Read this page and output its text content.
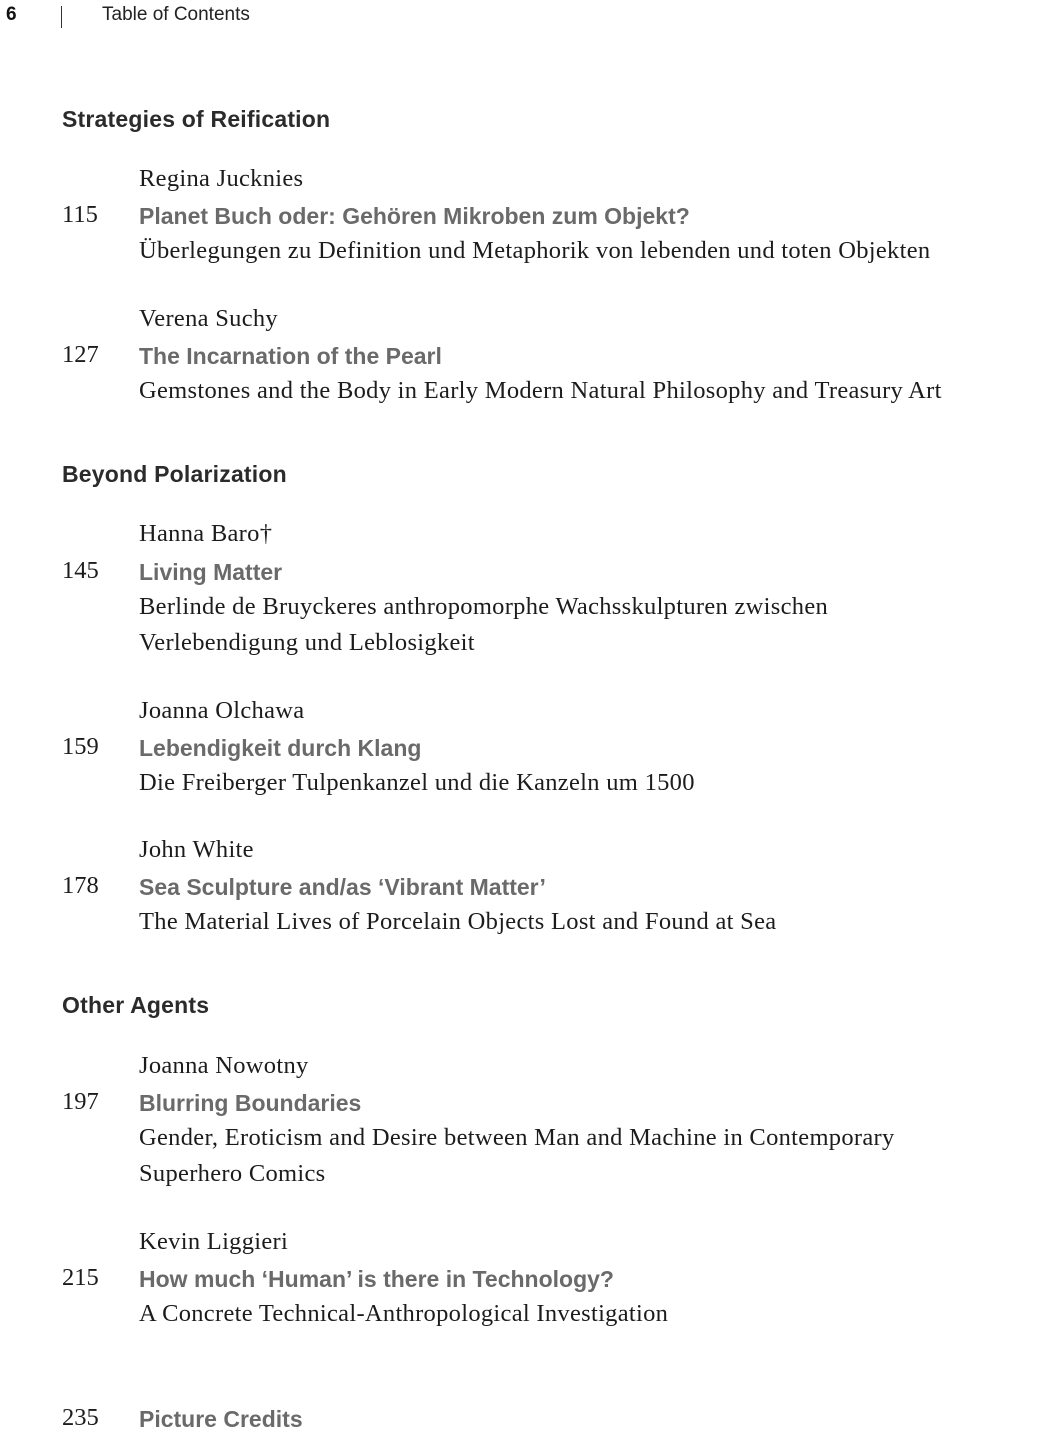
6	Table of Contents
Strategies of Reification
Regina Jucknies
115 Planet Buch oder: Gehören Mikroben zum Objekt?
Überlegungen zu Definition und Metaphorik von lebenden und toten Objekten
Verena Suchy
127 The Incarnation of the Pearl
Gemstones and the Body in Early Modern Natural Philosophy and Treasury Art
Beyond Polarization
Hanna Baro†
145 Living Matter
Berlinde de Bruyckeres anthropomorphe Wachsskulpturen zwischen
Verlebendigung und Leblosigkeit
Joanna Olchawa
159 Lebendigkeit durch Klang
Die Freiberger Tulpenkanzel und die Kanzeln um 1500
John White
178 Sea Sculpture and/as ‘Vibrant Matter’
The Material Lives of Porcelain Objects Lost and Found at Sea
Other Agents
Joanna Nowotny
197 Blurring Boundaries
Gender, Eroticism and Desire between Man and Machine in Contemporary
Superhero Comics
Kevin Liggieri
215 How much ‘Human’ is there in Technology?
A Concrete Technical-Anthropological Investigation
235 Picture Credits
